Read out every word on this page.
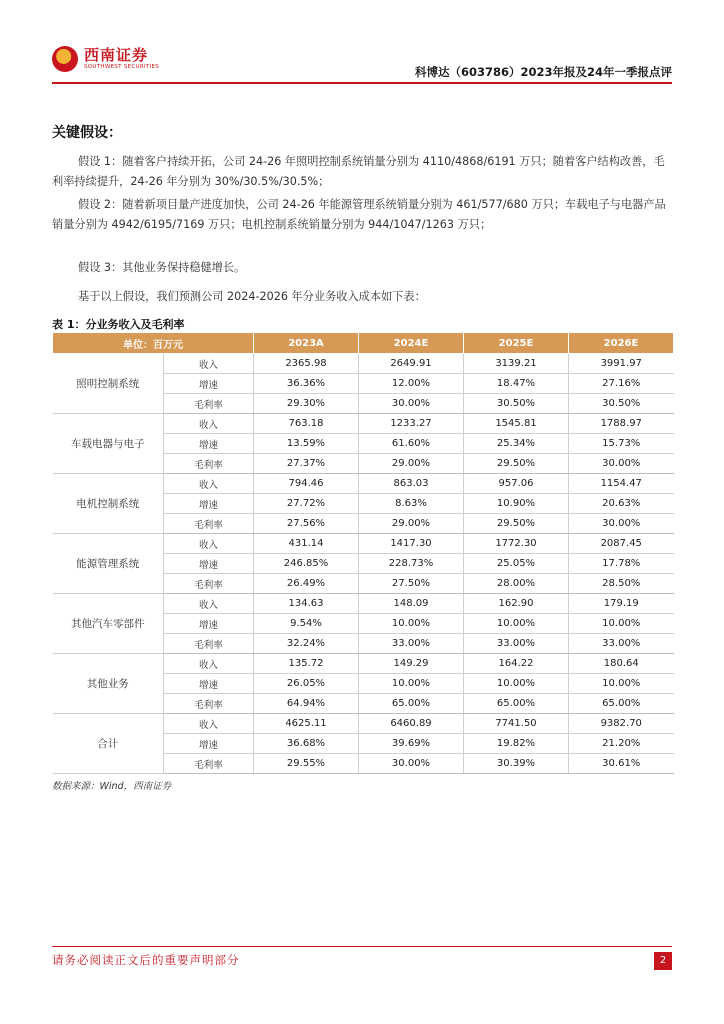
西南证券
SOUTHWEST SECURITIES	科博达（603786）2023年报及24年一季报点评
关键假设：
假设 1：随着客户持续开拓，公司 24-26 年照明控制系统销量分别为 4110/4868/6191 万只；随着客户结构改善，毛利率持续提升，24-26 年分别为 30%/30.5%/30.5%；
假设 2：随着新项目量产进度加快，公司 24-26 年能源管理系统销量分别为 461/577/680 万只；车载电子与电器产品销量分别为 4942/6195/7169 万只；电机控制系统销量分别为 944/1047/1263 万只；
假设 3：其他业务保持稳健增长。
基于以上假设，我们预测公司 2024-2026 年分业务收入成本如下表：
表 1：分业务收入及毛利率
单位：百万元		2023A	2024E	2025E	2026E
照明控制系统	收入	2365.98	2649.91	3139.21	3991.97
	增速	36.36%	12.00%	18.47%	27.16%
	毛利率	29.30%	30.00%	30.50%	30.50%
车载电器与电子	收入	763.18	1233.27	1545.81	1788.97
	增速	13.59%	61.60%	25.34%	15.73%
	毛利率	27.37%	29.00%	29.50%	30.00%
电机控制系统	收入	794.46	863.03	957.06	1154.47
	增速	27.72%	8.63%	10.90%	20.63%
	毛利率	27.56%	29.00%	29.50%	30.00%
能源管理系统	收入	431.14	1417.30	1772.30	2087.45
	增速	246.85%	228.73%	25.05%	17.78%
	毛利率	26.49%	27.50%	28.00%	28.50%
其他汽车零部件	收入	134.63	148.09	162.90	179.19
	增速	9.54%	10.00%	10.00%	10.00%
	毛利率	32.24%	33.00%	33.00%	33.00%
其他业务	收入	135.72	149.29	164.22	180.64
	增速	26.05%	10.00%	10.00%	10.00%
	毛利率	64.94%	65.00%	65.00%	65.00%
合计	收入	4625.11	6460.89	7741.50	9382.70
	增速	36.68%	39.69%	19.82%	21.20%
	毛利率	29.55%	30.00%	30.39%	30.61%
数据来源：Wind，西南证券
请务必阅读正文后的重要声明部分	2
